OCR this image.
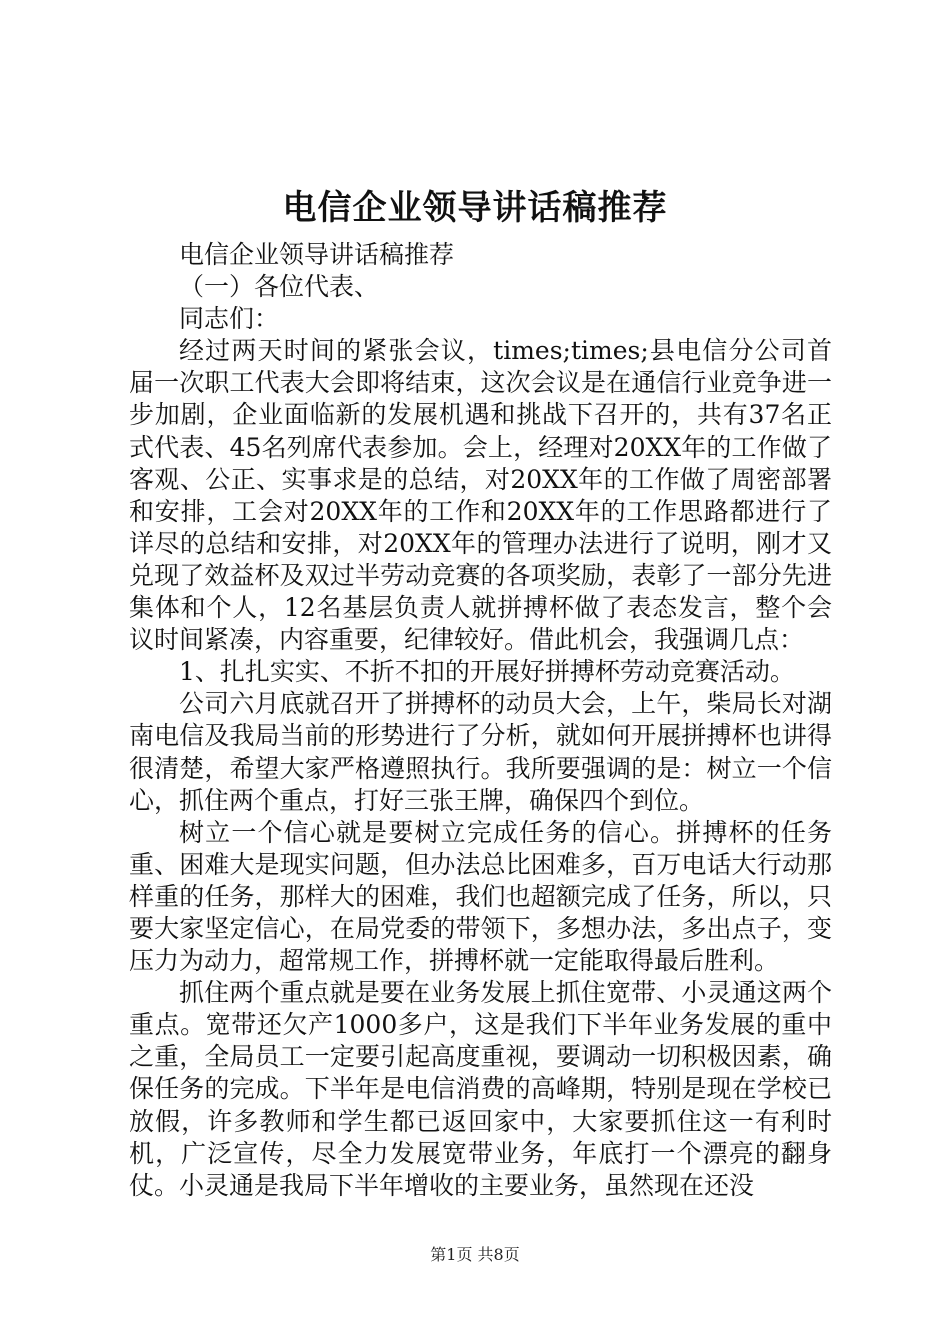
电信企业领导讲话稿推荐

电信企业领导讲话稿推荐

（一）各位代表、

同志们：

经过两天时间的紧张会议，times;times;县电信分公司首届一次职工代表大会即将结束，这次会议是在通信行业竞争进一步加剧，企业面临新的发展机遇和挑战下召开的，共有37名正式代表、45名列席代表参加。会上，经理对20XX年的工作做了客观、公正、实事求是的总结，对20XX年的工作做了周密部署和安排，工会对20XX年的工作和20XX年的工作思路都进行了详尽的总结和安排，对20XX年的管理办法进行了说明，刚才又兑现了效益杯及双过半劳动竞赛的各项奖励，表彰了一部分先进集体和个人，12名基层负责人就拼搏杯做了表态发言，整个会议时间紧凑，内容重要，纪律较好。借此机会，我强调几点：

1、扎扎实实、不折不扣的开展好拼搏杯劳动竞赛活动。

公司六月底就召开了拼搏杯的动员大会，上午，柴局长对湖南电信及我局当前的形势进行了分析，就如何开展拼搏杯也讲得很清楚，希望大家严格遵照执行。我所要强调的是：树立一个信心，抓住两个重点，打好三张王牌，确保四个到位。

树立一个信心就是要树立完成任务的信心。拼搏杯的任务重、困难大是现实问题，但办法总比困难多，百万电话大行动那样重的任务，那样大的困难，我们也超额完成了任务，所以，只要大家坚定信心，在局党委的带领下，多想办法，多出点子，变压力为动力，超常规工作，拼搏杯就一定能取得最后胜利。

抓住两个重点就是要在业务发展上抓住宽带、小灵通这两个重点。宽带还欠产1000多户，这是我们下半年业务发展的重中之重，全局员工一定要引起高度重视，要调动一切积极因素，确保任务的完成。下半年是电信消费的高峰期，特别是现在学校已放假，许多教师和学生都已返回家中，大家要抓住这一有利时机，广泛宣传，尽全力发展宽带业务，年底打一个漂亮的翻身仗。小灵通是我局下半年增收的主要业务，虽然现在还没

第1页 共8页
